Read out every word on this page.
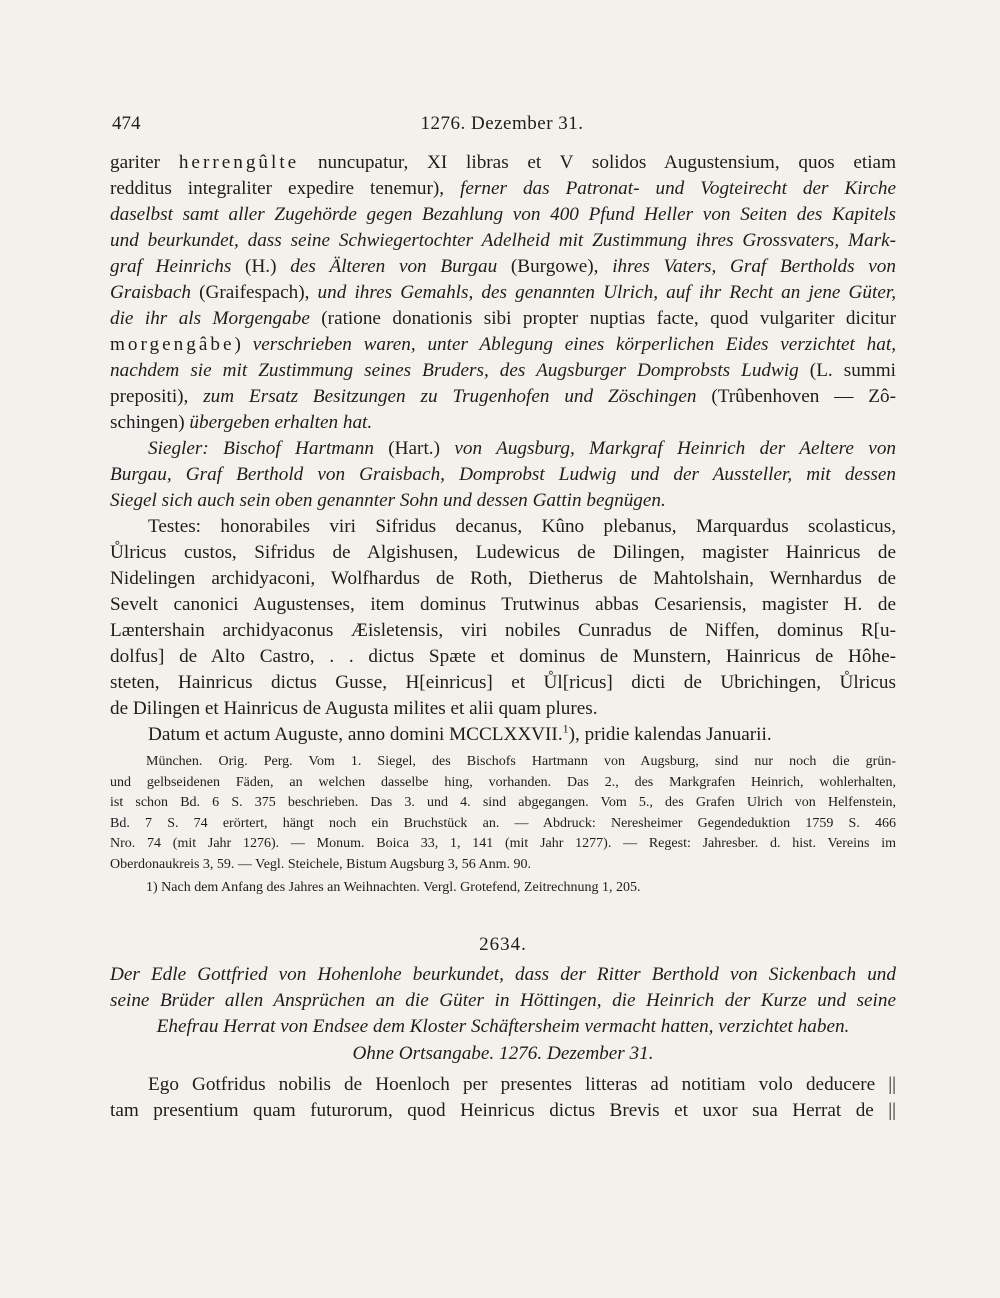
474	1276. Dezember 31.
gariter herrengûlte nuncupatur, XI libras et V solidos Augustensium, quos etiam
redditus integraliter expedire tenemur), ferner das Patronat- und Vogteirecht der Kirche
daselbst samt aller Zugehörde gegen Bezahlung von 400 Pfund Heller von Seiten des Kapitels
und beurkundet, dass seine Schwiegertochter Adelheid mit Zustimmung ihres Grossvaters, Mark-
graf Heinrichs (H.) des Älteren von Burgau (Burgowe), ihres Vaters, Graf Bertholds von
Graisbach (Graifespach), und ihres Gemahls, des genannten Ulrich, auf ihr Recht an jene Güter,
die ihr als Morgengabe (ratione donationis sibi propter nuptias facte, quod vulgariter dicitur
morgengâbe) verschrieben waren, unter Ablegung eines körperlichen Eides verzichtet hat,
nachdem sie mit Zustimmung seines Bruders, des Augsburger Domprobsts Ludwig (L. summi
prepositi), zum Ersatz Besitzungen zu Trugenhofen und Zöschingen (Trûbenhoven — Zô-
schingen) übergeben erhalten hat.
Siegler: Bischof Hartmann (Hart.) von Augsburg, Markgraf Heinrich der Aeltere von
Burgau, Graf Berthold von Graisbach, Domprobst Ludwig und der Aussteller, mit dessen
Siegel sich auch sein oben genannter Sohn und dessen Gattin begnügen.
Testes: honorabiles viri Sifridus decanus, Kûno plebanus, Marquardus scolasticus,
Ůlricus custos, Sifridus de Algishusen, Ludewicus de Dilingen, magister Hainricus de
Nidelingen archidyaconi, Wolfhardus de Roth, Dietherus de Mahtolshain, Wernhardus de
Sevelt canonici Augustenses, item dominus Trutwinus abbas Cesariensis, magister H. de
Læntershain archidyaconus Æisletensis, viri nobiles Cunradus de Niffen, dominus R[u-
dolfus] de Alto Castro, . . dictus Spæte et dominus de Munstern, Hainricus de Hôhe-
steten, Hainricus dictus Gusse, H[einricus] et Ůl[ricus] dicti de Ubrichingen, Ůlricus
de Dilingen et Hainricus de Augusta milites et alii quam plures.
Datum et actum Auguste, anno domini MCCLXXVII.$^1$), pridie kalendas Januarii.
München. Orig. Perg. Vom 1. Siegel, des Bischofs Hartmann von Augsburg, sind nur noch die grün-
und gelbseidenen Fäden, an welchen dasselbe hing, vorhanden. Das 2., des Markgrafen Heinrich, wohlerhalten,
ist schon Bd. 6 S. 375 beschrieben. Das 3. und 4. sind abgegangen. Vom 5., des Grafen Ulrich von Helfenstein,
Bd. 7 S. 74 erörtert, hängt noch ein Bruchstück an. — Abdruck: Neresheimer Gegendeduktion 1759 S. 466
Nro. 74 (mit Jahr 1276). — Monum. Boica 33, 1, 141 (mit Jahr 1277). — Regest: Jahresber. d. hist. Vereins im
Oberdonaukreis 3, 59. — Vegl. Steichele, Bistum Augsburg 3, 56 Anm. 90.
1) Nach dem Anfang des Jahres an Weihnachten. Vergl. Grotefend, Zeitrechnung 1, 205.
2634.
Der Edle Gottfried von Hohenlohe beurkundet, dass der Ritter Berthold von Sickenbach und
seine Brüder allen Ansprüchen an die Güter in Höttingen, die Heinrich der Kurze und seine
Ehefrau Herrat von Endsee dem Kloster Schäftersheim vermacht hatten, verzichtet haben.
Ohne Ortsangabe. 1276. Dezember 31.
Ego Gotfridus nobilis de Hoenloch per presentes litteras ad notitiam volo deducere ||
tam presentium quam futurorum, quod Heinricus dictus Brevis et uxor sua Herrat de ||
